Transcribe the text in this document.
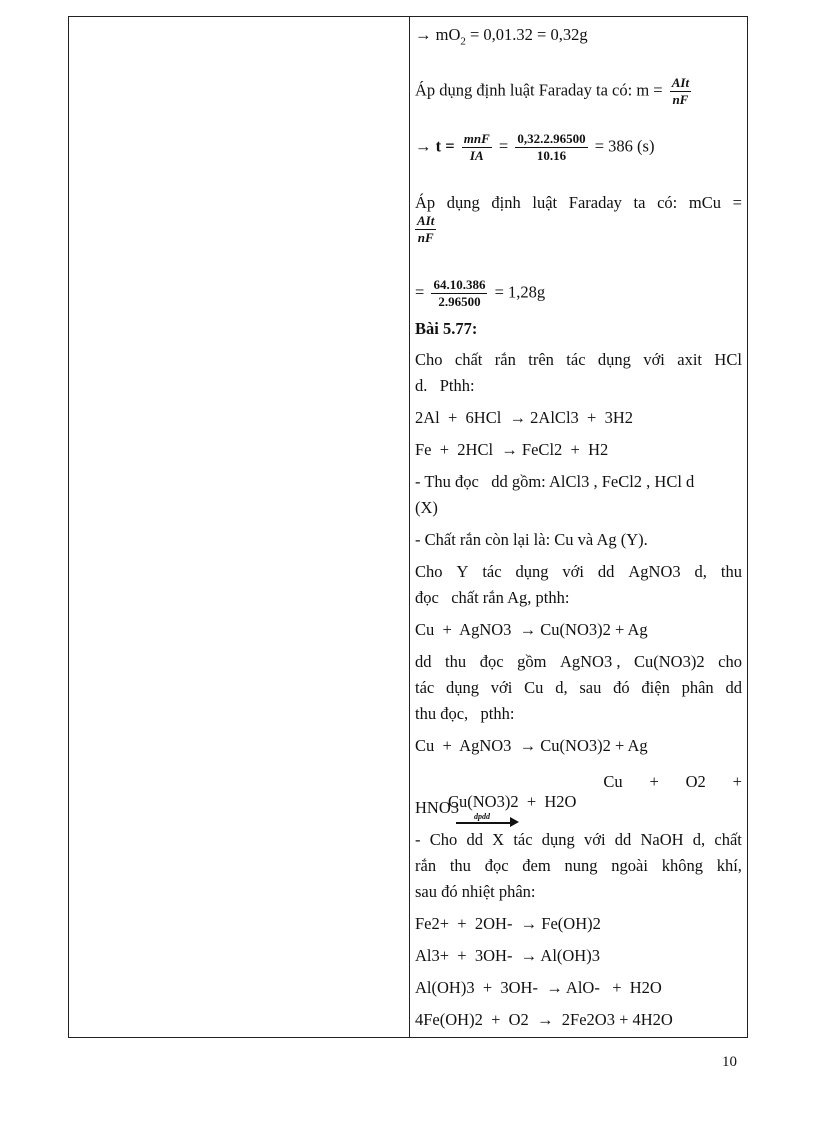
→ $mO_2 = 0,01.32 = 0,32g$
Áp dụng định luật Faraday ta có: $m = \frac{\text{AIt}}{nF}$
→ $t = \frac{\text{mnF}}{IA} = \frac{0,32.2.96500}{10.16} = 386$ (s)
Áp dụng định luật Faraday ta có: mCu =
$\frac{\text{AIt}}{nF}$
= $\frac{64.10.386}{2.96500} = 1,28g$
Bài 5.77:
Cho chất rắn trên tác dụng với axit HCl
d.   Pthh:
2Al  +  6HCl  → 2AlCl3  +  3H2
Fe  +  2HCl  → FeCl2  +  H2
- Thu đọc   dd gồm: AlCl3 , FeCl2 , HCl d
(X)
- Chất rắn còn lại là: Cu và Ag (Y).
Cho Y tác dụng với dd AgNO3 d, thu
đọc   chất rắn Ag, pthh:
Cu  +  AgNO3  → Cu(NO3)2 + Ag
dd thu đọc gồm AgNO3 , Cu(NO3)2 cho
tác dụng với Cu d, sau đó điện phân dd
thu đọc,   pthh:
Cu  +  AgNO3  → Cu(NO3)2 + Ag

Cu(NO3)2  +  H2O

dpdd

Cu + O2 +
HNO3
- Cho dd X tác dụng với dd NaOH d, chất
rắn thu đọc đem nung ngoài không khí,
sau đó nhiệt phân:
Fe2+  +  2OH-  → Fe(OH)2
Al3+  +  3OH-  → Al(OH)3
Al(OH)3  +  3OH-  → AlO-   +  H2O
4Fe(OH)2  +  O2  →  2Fe2O3 + 4H2O
10
